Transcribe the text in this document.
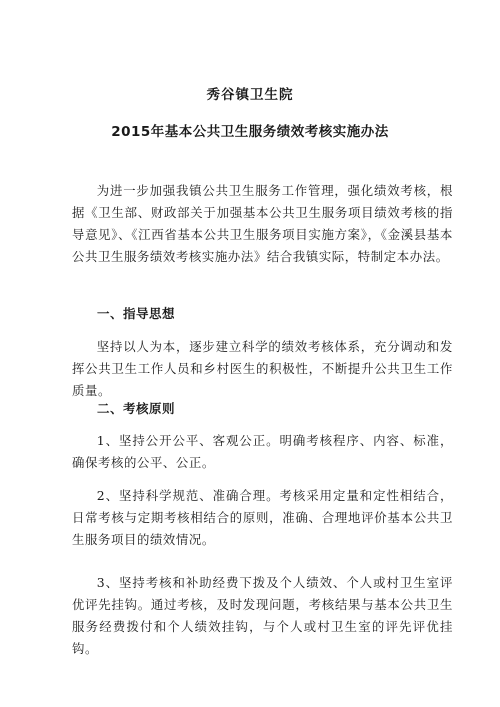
秀谷镇卫生院
2015年基本公共卫生服务绩效考核实施办法

为进一步加强我镇公共卫生服务工作管理，强化绩效考核，根据《卫生部、财政部关于加强基本公共卫生服务项目绩效考核的指导意见》、《江西省基本公共卫生服务项目实施方案》，《金溪县基本公共卫生服务绩效考核实施办法》结合我镇实际，特制定本办法。

一、指导思想

坚持以人为本，逐步建立科学的绩效考核体系，充分调动和发挥公共卫生工作人员和乡村医生的积极性，不断提升公共卫生工作质量。

二、考核原则

1、坚持公开公平、客观公正。明确考核程序、内容、标准，确保考核的公平、公正。

2、坚持科学规范、准确合理。考核采用定量和定性相结合，日常考核与定期考核相结合的原则，准确、合理地评价基本公共卫生服务项目的绩效情况。

3、坚持考核和补助经费下拨及个人绩效、个人或村卫生室评优评先挂钩。通过考核，及时发现问题，考核结果与基本公共卫生服务经费拨付和个人绩效挂钩，与个人或村卫生室的评先评优挂钩。
